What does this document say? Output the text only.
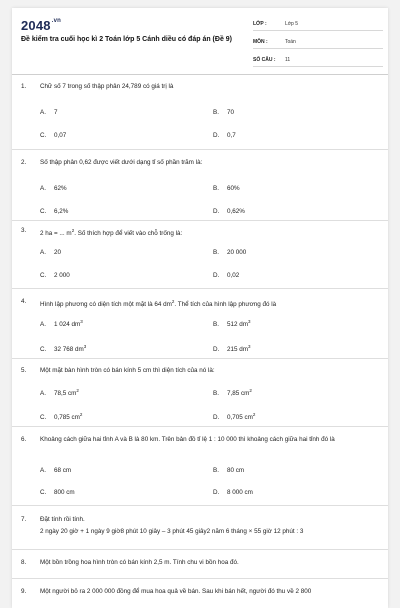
$2048^{.vn}$
Đề kiểm tra cuối học kì 2 Toán lớp 5 Cánh diều có đáp án (Đề 9)
LỚP :	Lớp 5
MÔN :	Toán
SỐ CÂU : 11
1. Chữ số 7 trong số thập phân 24,789 có giá trị là
A. 7	B. 70
C. 0,07	D. 0,7
2. Số thập phân 0,62 được viết dưới dạng tỉ số phần trăm là:
A. 62%	B. 60%
C. 6,2%	D. 0,62%
3. 2 ha = ... $m^2$. Số thích hợp để viết vào chỗ trống là:
A. 20	B. 20 000
C. 2 000	D. 0,02
4. Hình lập phương có diện tích một mặt là 64 $dm^2$. Thể tích của hình lập phương đó là
A. 1 024 $dm^3$	B. 512 $dm^3$
C. 32 768 $dm^3$	D. 215 $dm^3$
5. Một mặt bàn hình tròn có bán kính 5 cm thì diện tích của nó là:
A. 78,5 $cm^2$	B. 7,85 $cm^2$
C. 0,785 $cm^2$	D. 0,705 $cm^2$
6. Khoảng cách giữa hai tỉnh A và B là 80 km. Trên bản đồ tỉ lệ 1 : 10 000 thì khoảng cách giữa hai tỉnh đó là
A. 68 cm	B. 80 cm
C. 800 cm	D. 8 000 cm
7. Đặt tính rồi tính.
2 ngày 20 giờ + 1 ngày 9 giờ8 phút 10 giây – 3 phút 45 giây2 năm 6 tháng × 55 giờ 12 phút : 3
8. Một bồn trồng hoa hình tròn có bán kính 2,5 m. Tính chu vi bồn hoa đó.
9. Một người bỏ ra 2 000 000 đồng để mua hoa quả về bán. Sau khi bán hết, người đó thu về 2 800
